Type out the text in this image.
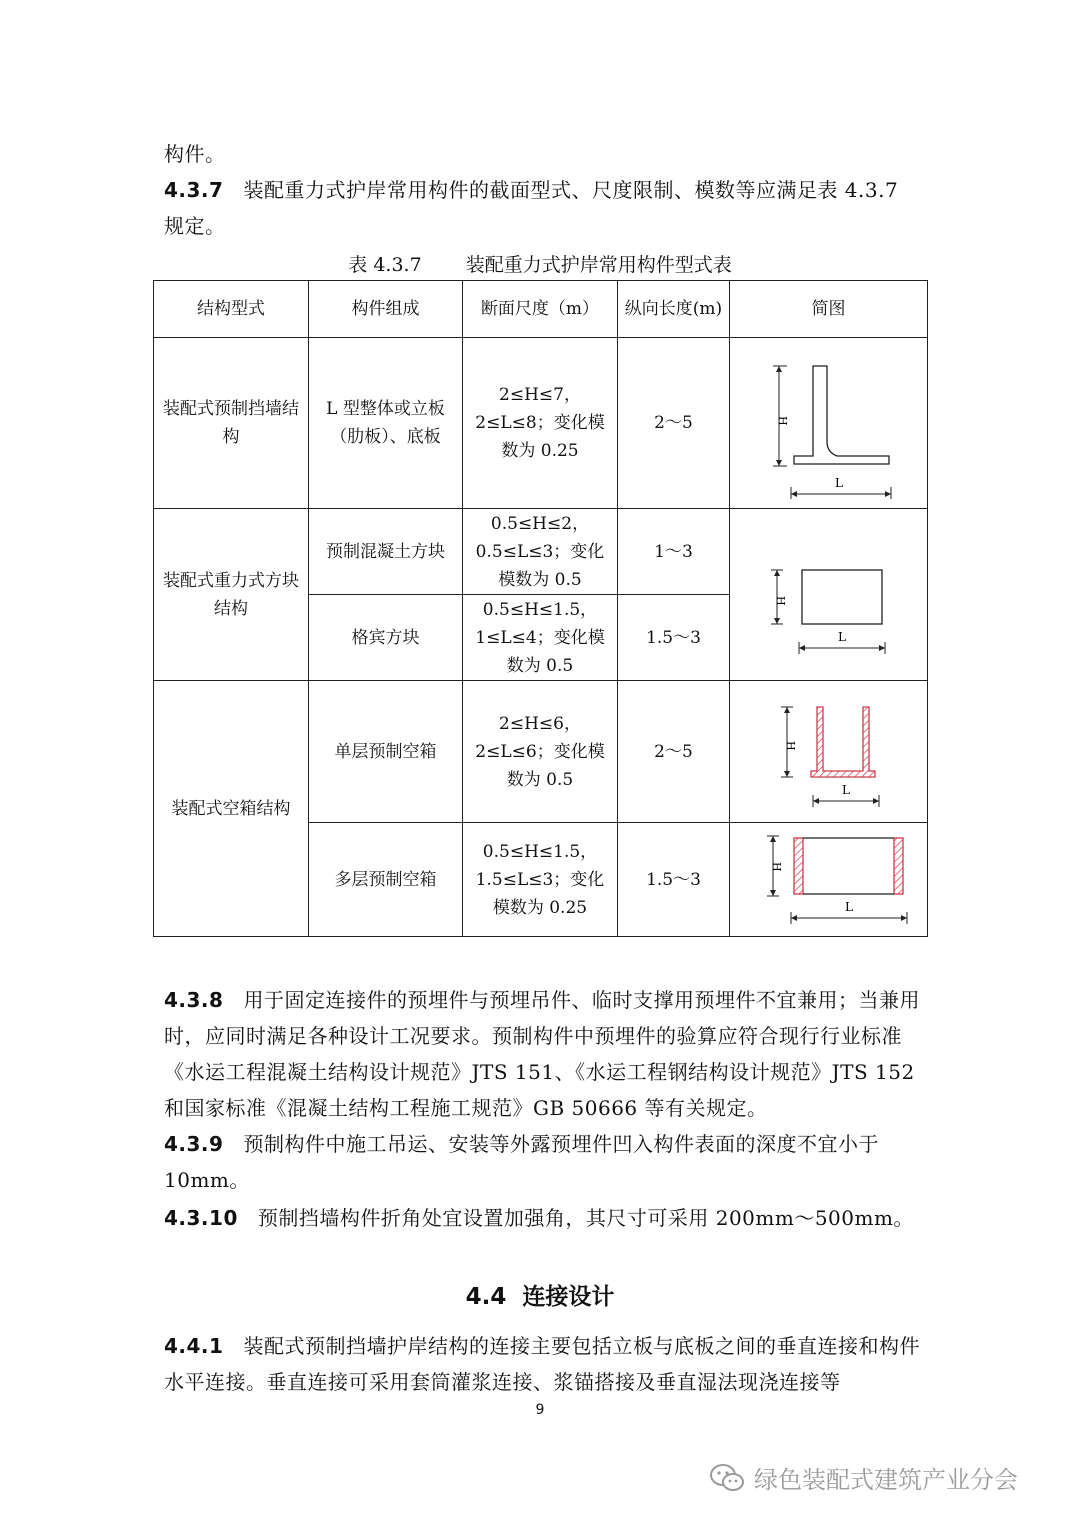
构件。
4.3.7 装配重力式护岸常用构件的截面型式、尺度限制、模数等应满足表 4.3.7 规定。
表 4.3.7 装配重力式护岸常用构件型式表
结构型式	构件组成	断面尺度（m）	纵向长度(m)	简图
装配式预制挡墙结构	L 型整体或立板（肋板）、底板	2≤H≤7，2≤L≤8；变化模数为 0.25	2～5	H
L

装配式重力式方块结构	预制混凝土方块	0.5≤H≤2，0.5≤L≤3；变化模数为 0.5	1～3	H
L

	格宾方块	0.5≤H≤1.5，1≤L≤4；变化模数为 0.5	1.5～3	
装配式空箱结构	单层预制空箱	2≤H≤6，2≤L≤6；变化模数为 0.5	2～5	H
L

	多层预制空箱	0.5≤H≤1.5，1.5≤L≤3；变化模数为 0.25	1.5～3	H
L
4.3.8 用于固定连接件的预埋件与预埋吊件、临时支撑用预埋件不宜兼用；当兼用时，应同时满足各种设计工况要求。预制构件中预埋件的验算应符合现行行业标准《水运工程混凝土结构设计规范》JTS 151、《水运工程钢结构设计规范》JTS 152 和国家标准《混凝土结构工程施工规范》GB 50666 等有关规定。
4.3.9 预制构件中施工吊运、安装等外露预埋件凹入构件表面的深度不宜小于 10mm。
4.3.10 预制挡墙构件折角处宜设置加强角，其尺寸可采用 200mm～500mm。
4.4 连接设计
4.4.1 装配式预制挡墙护岸结构的连接主要包括立板与底板之间的垂直连接和构件水平连接。垂直连接可采用套筒灌浆连接、浆锚搭接及垂直湿法现浇连接等
9
绿色装配式建筑产业分会
